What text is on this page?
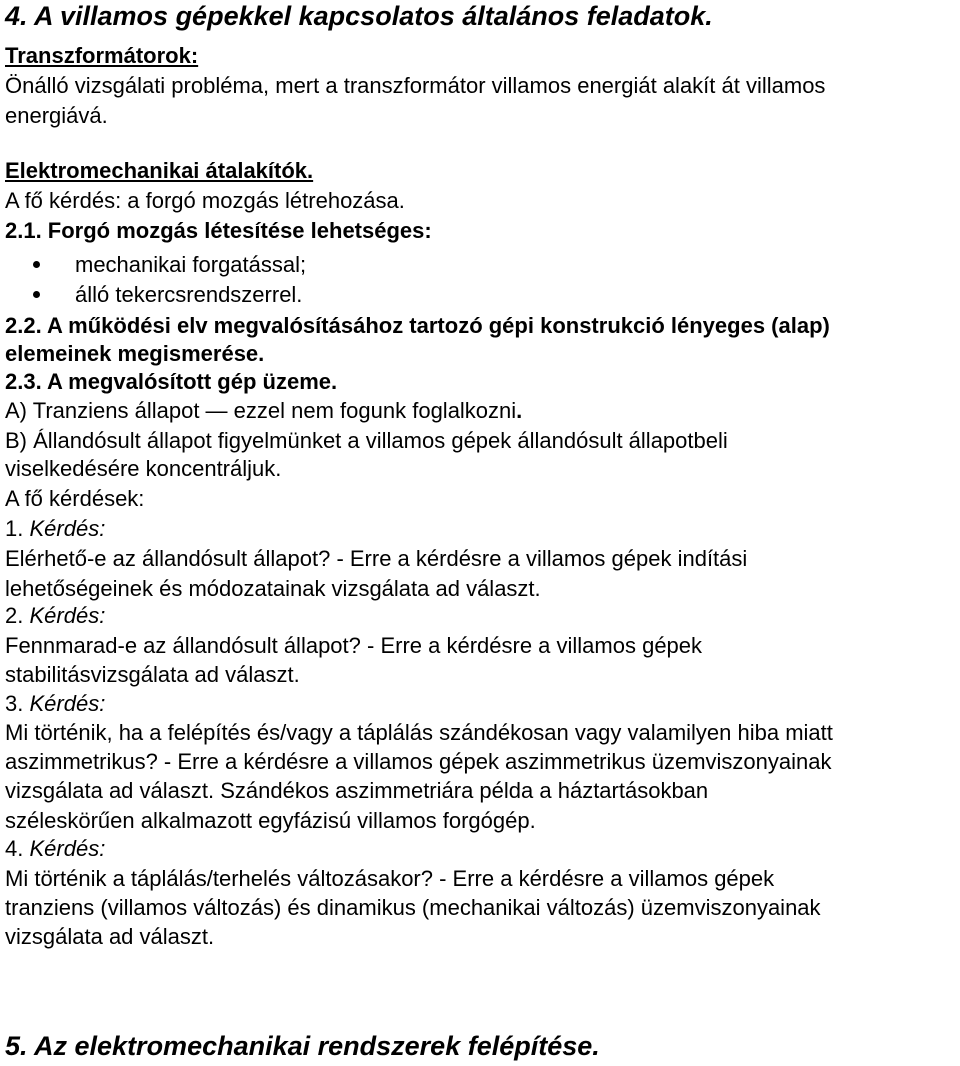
4. A villamos gépekkel kapcsolatos általános feladatok.
Transzformátorok:
Önálló vizsgálati probléma, mert a transzformátor villamos energiát alakít át villamos
energiává.
Elektromechanikai átalakítók.
A fő kérdés: a forgó mozgás létrehozása.
2.1. Forgó mozgás létesítése lehetséges:
mechanikai forgatással;
álló tekercsrendszerrel.
2.2. A működési elv megvalósításához tartozó gépi konstrukció lényeges (alap)
elemeinek megismerése.
2.3. A megvalósított gép üzeme.
A) Tranziens állapot — ezzel nem fogunk foglalkozni.
B) Állandósult állapot figyelmünket a villamos gépek állandósult állapotbeli
viselkedésére koncentráljuk.
A fő kérdések:
1. Kérdés:
Elérhető-e az állandósult állapot? - Erre a kérdésre a villamos gépek indítási
lehetőségeinek és módozatainak vizsgálata ad választ.
2. Kérdés:
Fennmarad-e az állandósult állapot? - Erre a kérdésre a villamos gépek
stabilitásvizsgálata ad választ.
3. Kérdés:
Mi történik, ha a felépítés és/vagy a táplálás szándékosan vagy valamilyen hiba miatt
aszimmetrikus? - Erre a kérdésre a villamos gépek aszimmetrikus üzemviszonyainak
vizsgálata ad választ. Szándékos aszimmetriára példa a háztartásokban
széleskörűen alkalmazott egyfázisú villamos forgógép.
4. Kérdés:
Mi történik a táplálás/terhelés változásakor? - Erre a kérdésre a villamos gépek
tranziens (villamos változás) és dinamikus (mechanikai változás) üzemviszonyainak
vizsgálata ad választ.
5. Az elektromechanikai rendszerek felépítése.
